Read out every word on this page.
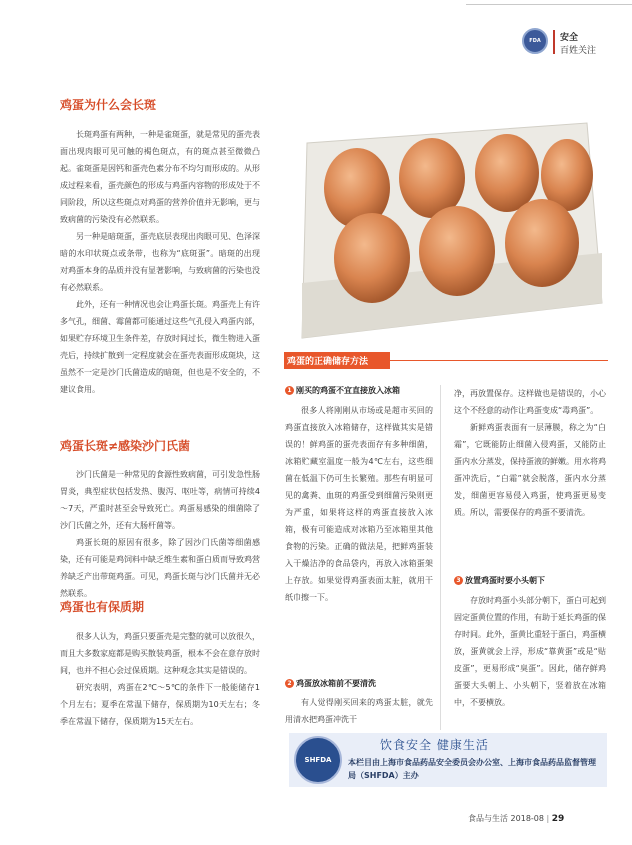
FDA 安全
百姓关注
鸡蛋为什么会长斑

长斑鸡蛋有两种，一种是雀斑蛋，就是常见的蛋壳表面出现肉眼可见可触的褐色斑点，有的斑点甚至微微凸起。雀斑蛋是因钙和蛋壳色素分布不均匀而形成的。从形成过程来看，蛋壳颜色的形成与鸡蛋内容物的形成处于不同阶段，所以这些斑点对鸡蛋的营养价值并无影响，更与致病菌的污染没有必然联系。

另一种是暗斑蛋，蛋壳底层表现出肉眼可见、色泽深暗的水印状斑点或条带，也称为“底斑蛋”。暗斑的出现对鸡蛋本身的品质并没有显著影响，与致病菌的污染也没有必然联系。

此外，还有一种情况也会让鸡蛋长斑。鸡蛋壳上有许多气孔，细菌、霉菌都可能通过这些气孔侵入鸡蛋内部，如果贮存环境卫生条件差，存放时间过长，微生物进入蛋壳后，持续扩散到一定程度就会在蛋壳表面形成斑块，这虽然不一定是沙门氏菌造成的暗斑，但也是不安全的，不建议食用。

鸡蛋长斑≠感染沙门氏菌

沙门氏菌是一种常见的食源性致病菌，可引发急性肠胃炎，典型症状包括发热、腹泻、呕吐等，病情可持续4～7天，严重时甚至会导致死亡。鸡蛋易感染的细菌除了沙门氏菌之外，还有大肠杆菌等。

鸡蛋长斑的原因有很多，除了因沙门氏菌等细菌感染，还有可能是鸡饲料中缺乏维生素和蛋白质而导致鸡营养缺乏产出带斑鸡蛋。可见，鸡蛋长斑与沙门氏菌并无必然联系。

鸡蛋也有保质期

很多人认为，鸡蛋只要蛋壳是完整的就可以放很久，而且大多数家庭都是购买散装鸡蛋，根本不会在意存放时间，也并不担心会过保质期。这种观念其实是错误的。

研究表明，鸡蛋在2℃～5℃的条件下一般能储存1个月左右；夏季在常温下储存，保质期为10天左右；冬季在常温下储存，保质期为15天左右。

鸡蛋的正确储存方法
1 刚买的鸡蛋不宜直接放入冰箱

很多人将刚刚从市场或是超市买回的鸡蛋直接放入冰箱储存，这样做其实是错误的！鲜鸡蛋的蛋壳表面存有多种细菌，冰箱贮藏室温度一般为4℃左右，这些细菌在低温下仍可生长繁殖。那些有明显可见的禽粪、血斑的鸡蛋受到细菌污染则更为严重，如果将这样的鸡蛋直接放入冰箱，极有可能造成对冰箱乃至冰箱里其他食物的污染。正确的做法是，把鲜鸡蛋装入干燥洁净的食品袋内，再放入冰箱蛋架上存放。如果觉得鸡蛋表面太脏，就用干纸巾擦一下。

2 鸡蛋放冰箱前不要清洗

有人觉得刚买回来的鸡蛋太脏，就先用清水把鸡蛋冲洗干

净，再放置保存。这样做也是错误的，小心这个不经意的动作让鸡蛋变成“毒鸡蛋”。

新鲜鸡蛋表面有一层薄膜，称之为“白霜”，它既能防止细菌入侵鸡蛋，又能防止蛋内水分蒸发，保持蛋液的鲜嫩。用水将鸡蛋冲洗后，“白霜”就会脱落，蛋内水分蒸发，细菌更容易侵入鸡蛋，使鸡蛋更易变质。所以，需要保存的鸡蛋不要清洗。

3 放置鸡蛋时要小头朝下

存放时鸡蛋小头部分朝下，蛋白可起到固定蛋黄位置的作用，有助于延长鸡蛋的保存时间。此外，蛋黄比重轻于蛋白，鸡蛋横放，蛋黄就会上浮，形成“靠黄蛋”或是“贴皮蛋”，更易形成“臭蛋”。因此，储存鲜鸡蛋要大头朝上、小头朝下，竖着放在冰箱中，不要横放。

SHFDA
饮食安全 健康生活
本栏目由上海市食品药品安全委员会办公室、上海市食品药品监督管理局（SHFDA）主办
食品与生活 2018-08 | 29
